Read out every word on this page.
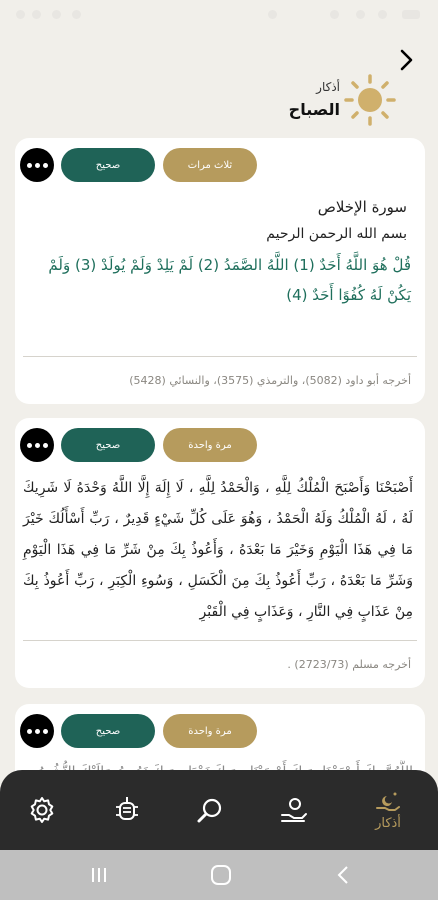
أذكار
الصباح
ثلاث مرات
صحيح
سورة الإخلاص
بسم الله الرحمن الرحيم
قُلْ هُوَ اللَّهُ أَحَدٌ (1) اللَّهُ الصَّمَدُ (2) لَمْ يَلِدْ وَلَمْ يُولَدْ (3) وَلَمْ يَكُنْ لَهُ كُفُوًا أَحَدٌ (4)
أخرجه أبو داود (5082)، والترمذي (3575)، والنسائي (5428)
مرة واحدة
صحيح
أَصْبَحْنَا وَأَصْبَحَ الْمُلْكُ لِلَّهِ ، وَالْحَمْدُ لِلَّهِ ، لَا إِلَهَ إِلَّا اللَّهُ وَحْدَهُ لَا شَرِيكَ لَهُ ، لَهُ الْمُلْكُ وَلَهُ الْحَمْدُ ، وَهُوَ عَلَى كُلِّ شَيْءٍ قَدِيرٌ ، رَبِّ أَسْأَلُكَ خَيْرَ مَا فِي هَذَا الْيَوْمِ وَخَيْرَ مَا بَعْدَهُ ، وَأَعُوذُ بِكَ مِنْ شَرِّ مَا فِي هَذَا الْيَوْمِ وَشَرِّ مَا بَعْدَهُ ، رَبِّ أَعُوذُ بِكَ مِنَ الْكَسَلِ ، وَسُوءِ الْكِبَرِ ، رَبِّ أَعُوذُ بِكَ مِنْ عَذَابٍ فِي النَّارِ ، وَعَذَابٍ فِي الْقَبْرِ
أخرجه مسلم (2723/73) .
مرة واحدة
صحيح
أذكار
